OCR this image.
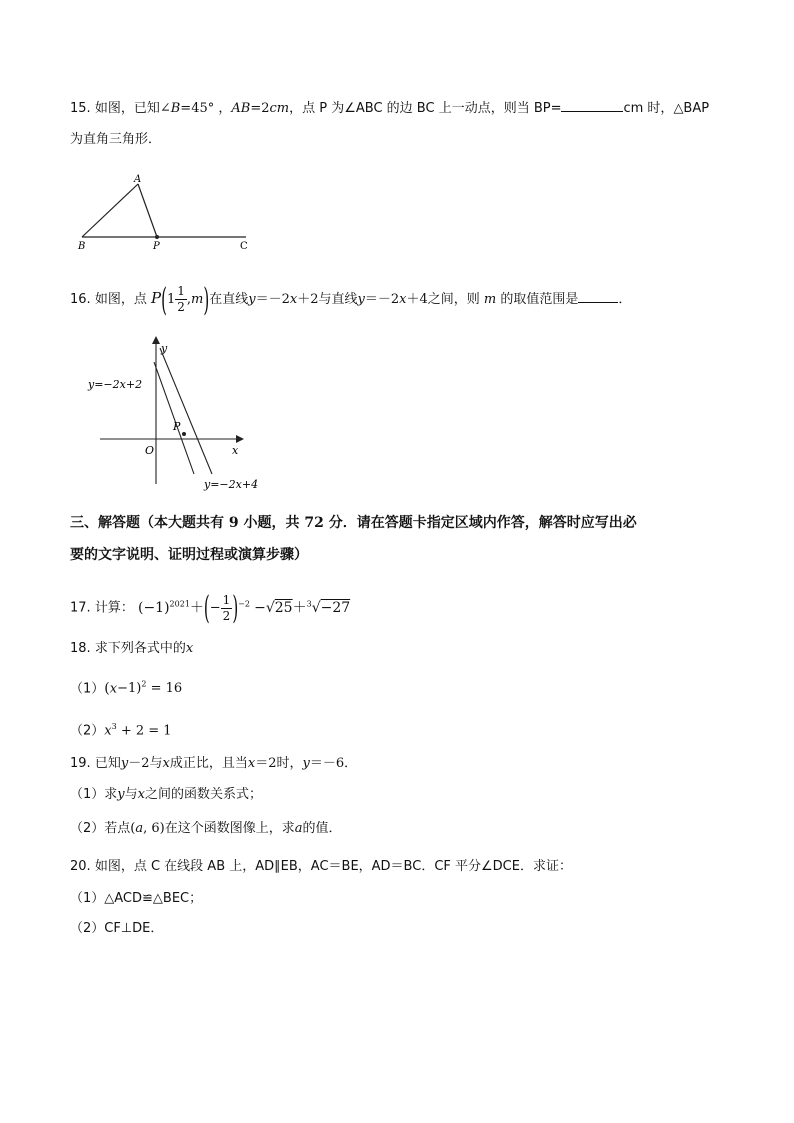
15. 如图，已知∠B=45° ，AB=2cm，点 P 为∠ABC 的边 BC 上一动点，则当 BP=	cm 时，△BAP
为直角三角形．
A
B	P	C
16. 如图，点 $P(1 \frac{1}{2} ,m)$在直线y＝－2x＋2与直线y＝－2x＋4之间，则 m 的取值范围是	．
y
x
O
P
y=−2x+2
y=−2x+4
三、解答题（本大题共有 9 小题，共 72 分．请在答题卡指定区域内作答，解答时应写出必
要的文字说明、证明过程或演算步骤）
17. 计算： $(-1)^{2021}+(- \frac{1}{2} )^{-2} -√25+^3√-27$
18. 求下列各式中的x
$(1)(x-1)^2 = 16$
$(2)x^3 + 2 = 1$
19. 已知y－2与x成正比，且当x＝2时，y＝－6．
（1）求y与x之间的函数关系式；
（2）若点(a, 6)在这个函数图像上，求a的值．
20. 如图，点 C 在线段 AB 上，AD∥EB，AC＝BE，AD＝BC．CF 平分∠DCE．求证：
（1）△ACD≌△BEC；
（2）CF⊥DE．
